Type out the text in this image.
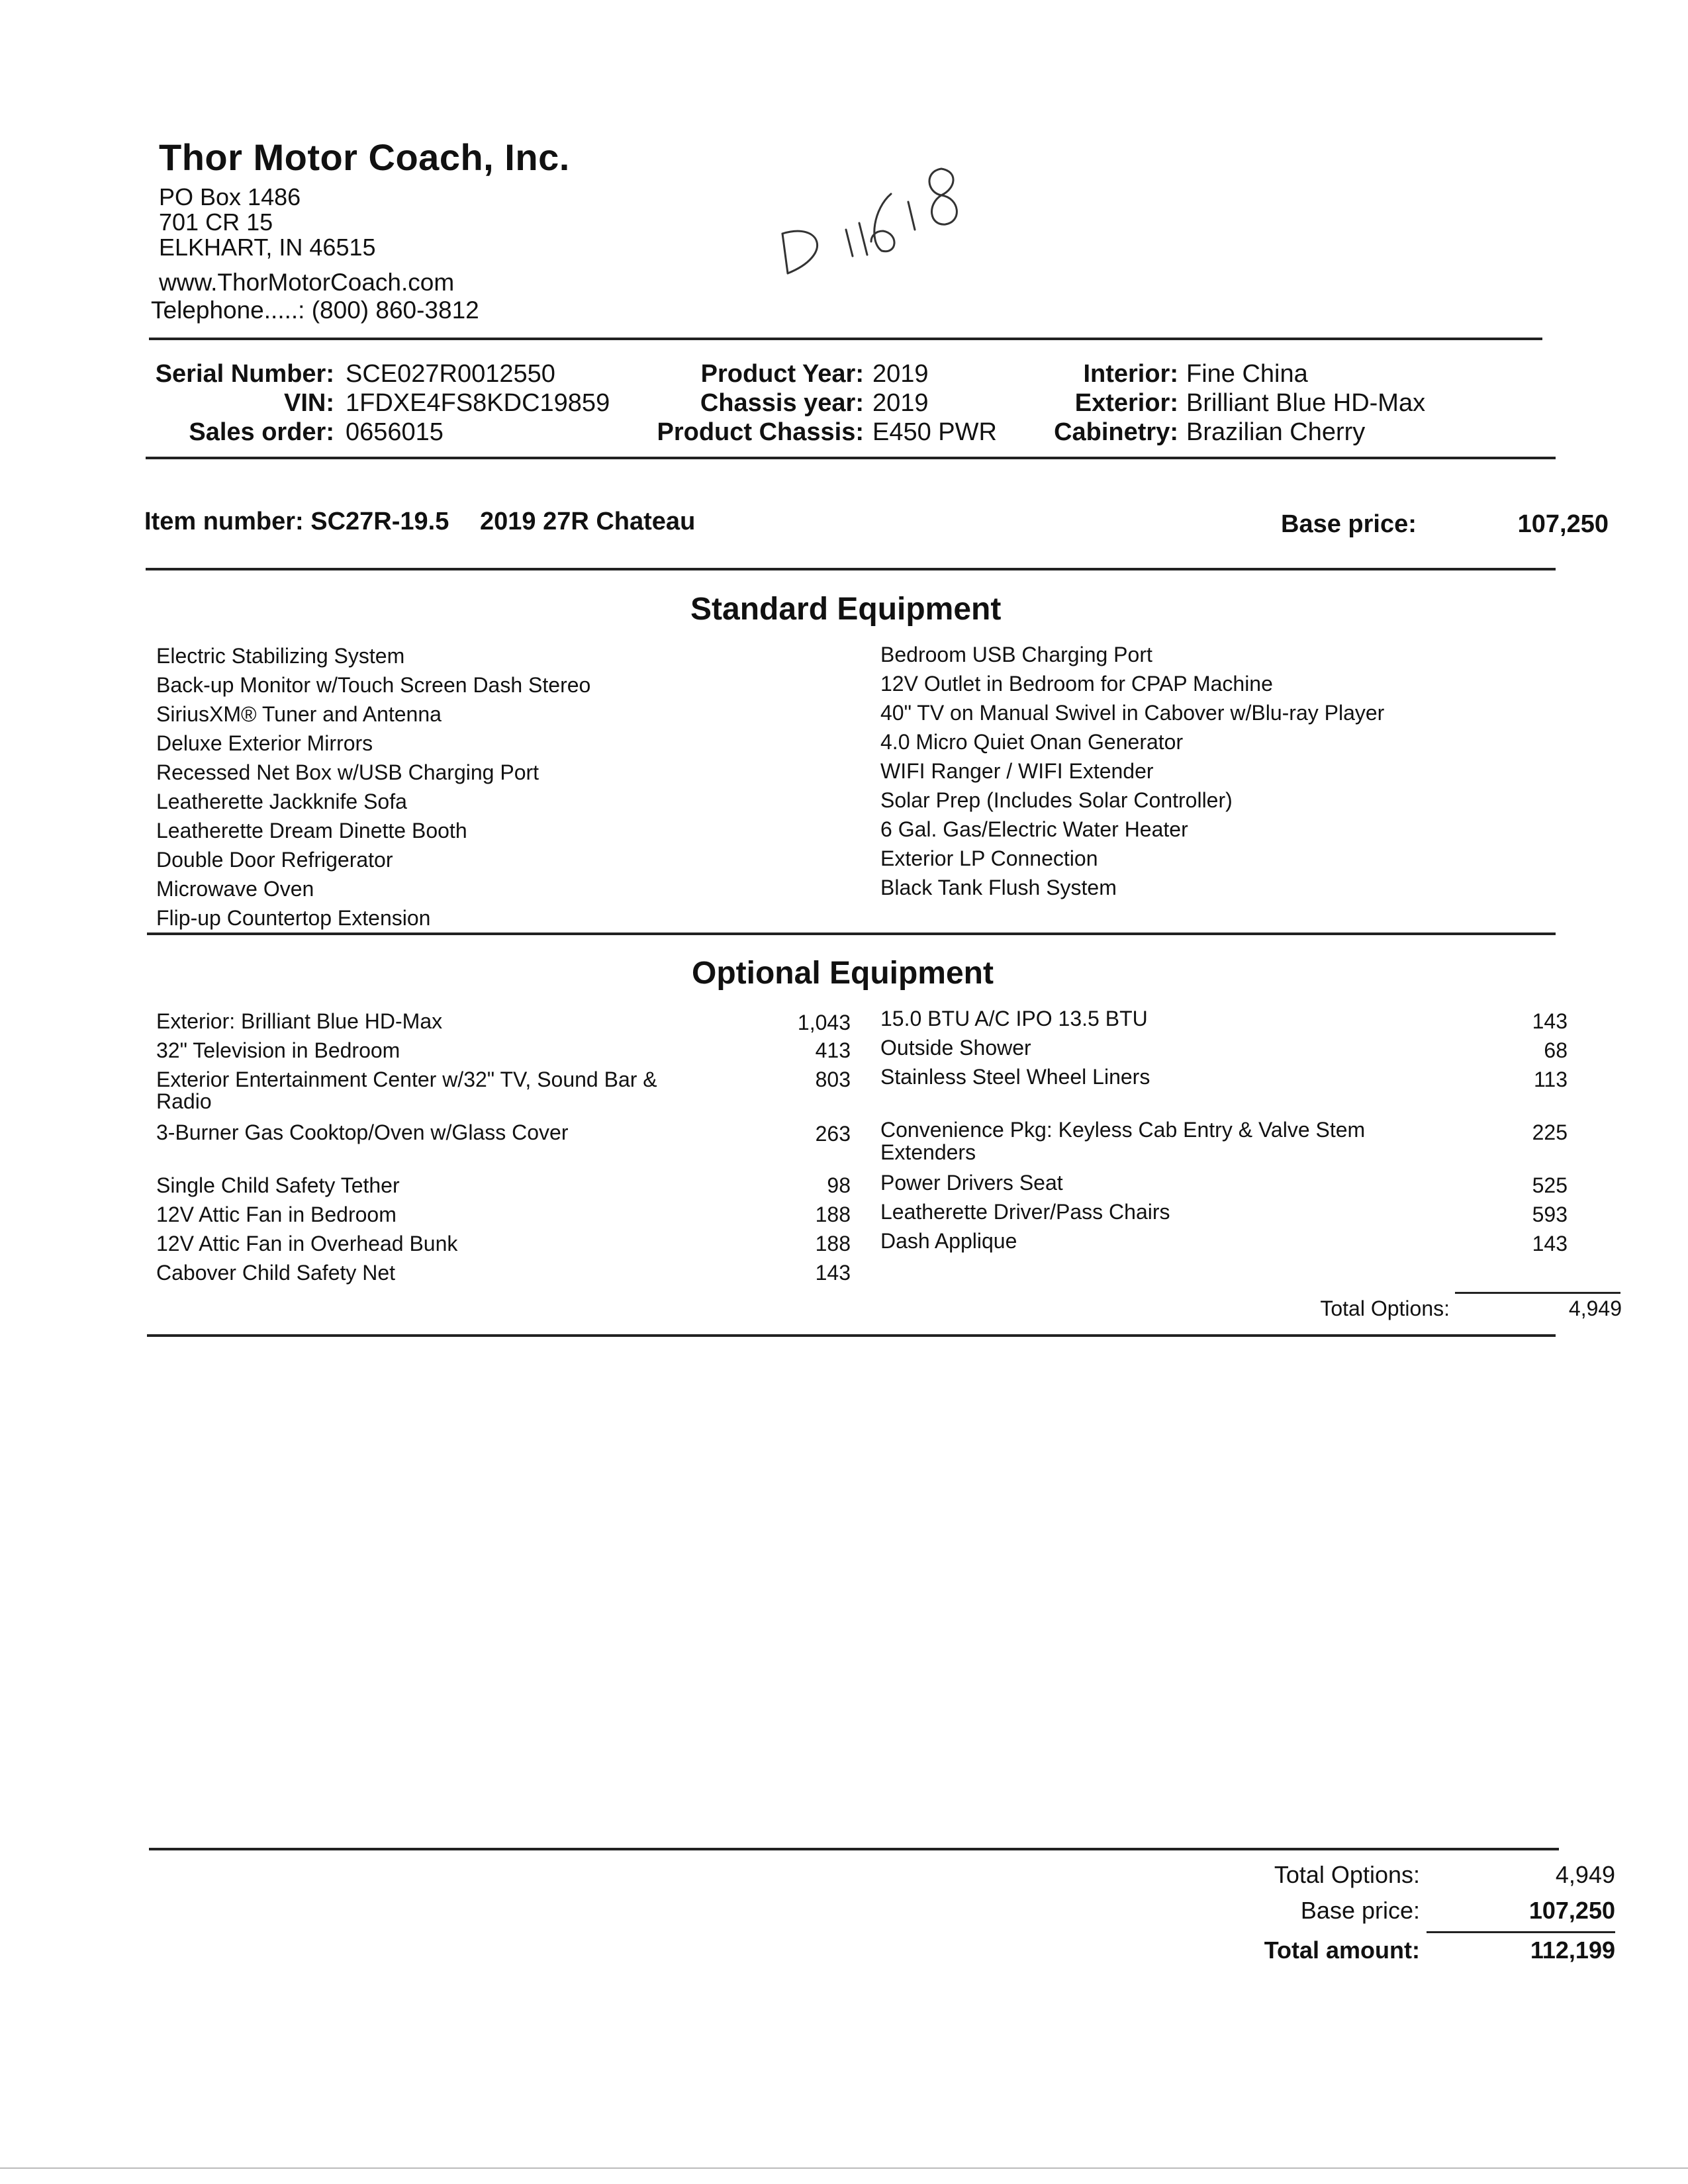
Thor Motor Coach, Inc.
PO Box 1486
701 CR 15
ELKHART, IN 46515
www.ThorMotorCoach.com
Telephone.....: (800) 860-3812
Serial Number: SCE027R0012550
VIN: 1FDXE4FS8KDC19859
Sales order: 0656015
Product Year: 2019
Chassis year: 2019
Product Chassis: E450 PWR
Interior: Fine China
Exterior: Brilliant Blue HD-Max
Cabinetry: Brazilian Cherry
Item number: SC27R-19.5 2019 27R Chateau	Base price:	107,250
Standard Equipment
Electric Stabilizing System
Back-up Monitor w/Touch Screen Dash Stereo
SiriusXM® Tuner and Antenna
Deluxe Exterior Mirrors
Recessed Net Box w/USB Charging Port
Leatherette Jackknife Sofa
Leatherette Dream Dinette Booth
Double Door Refrigerator
Microwave Oven
Flip-up Countertop Extension
Bedroom USB Charging Port
12V Outlet in Bedroom for CPAP Machine
40" TV on Manual Swivel in Cabover w/Blu-ray Player
4.0 Micro Quiet Onan Generator
WIFI Ranger / WIFI Extender
Solar Prep (Includes Solar Controller)
6 Gal. Gas/Electric Water Heater
Exterior LP Connection
Black Tank Flush System
Optional Equipment
Exterior: Brilliant Blue HD-Max	1,043
32" Television in Bedroom	413
Exterior Entertainment Center w/32" TV, Sound Bar &
Radio
803
3-Burner Gas Cooktop/Oven w/Glass Cover	263
Single Child Safety Tether	98
12V Attic Fan in Bedroom	188
12V Attic Fan in Overhead Bunk	188
Cabover Child Safety Net	143
15.0 BTU A/C IPO 13.5 BTU	143
Outside Shower	68
Stainless Steel Wheel Liners	113
Convenience Pkg: Keyless Cab Entry & Valve Stem
Extenders
225
Power Drivers Seat	525
Leatherette Driver/Pass Chairs	593
Dash Applique	143
Total Options:	4,949
Total Options:	4,949
Base price:	107,250
Total amount:	112,199
